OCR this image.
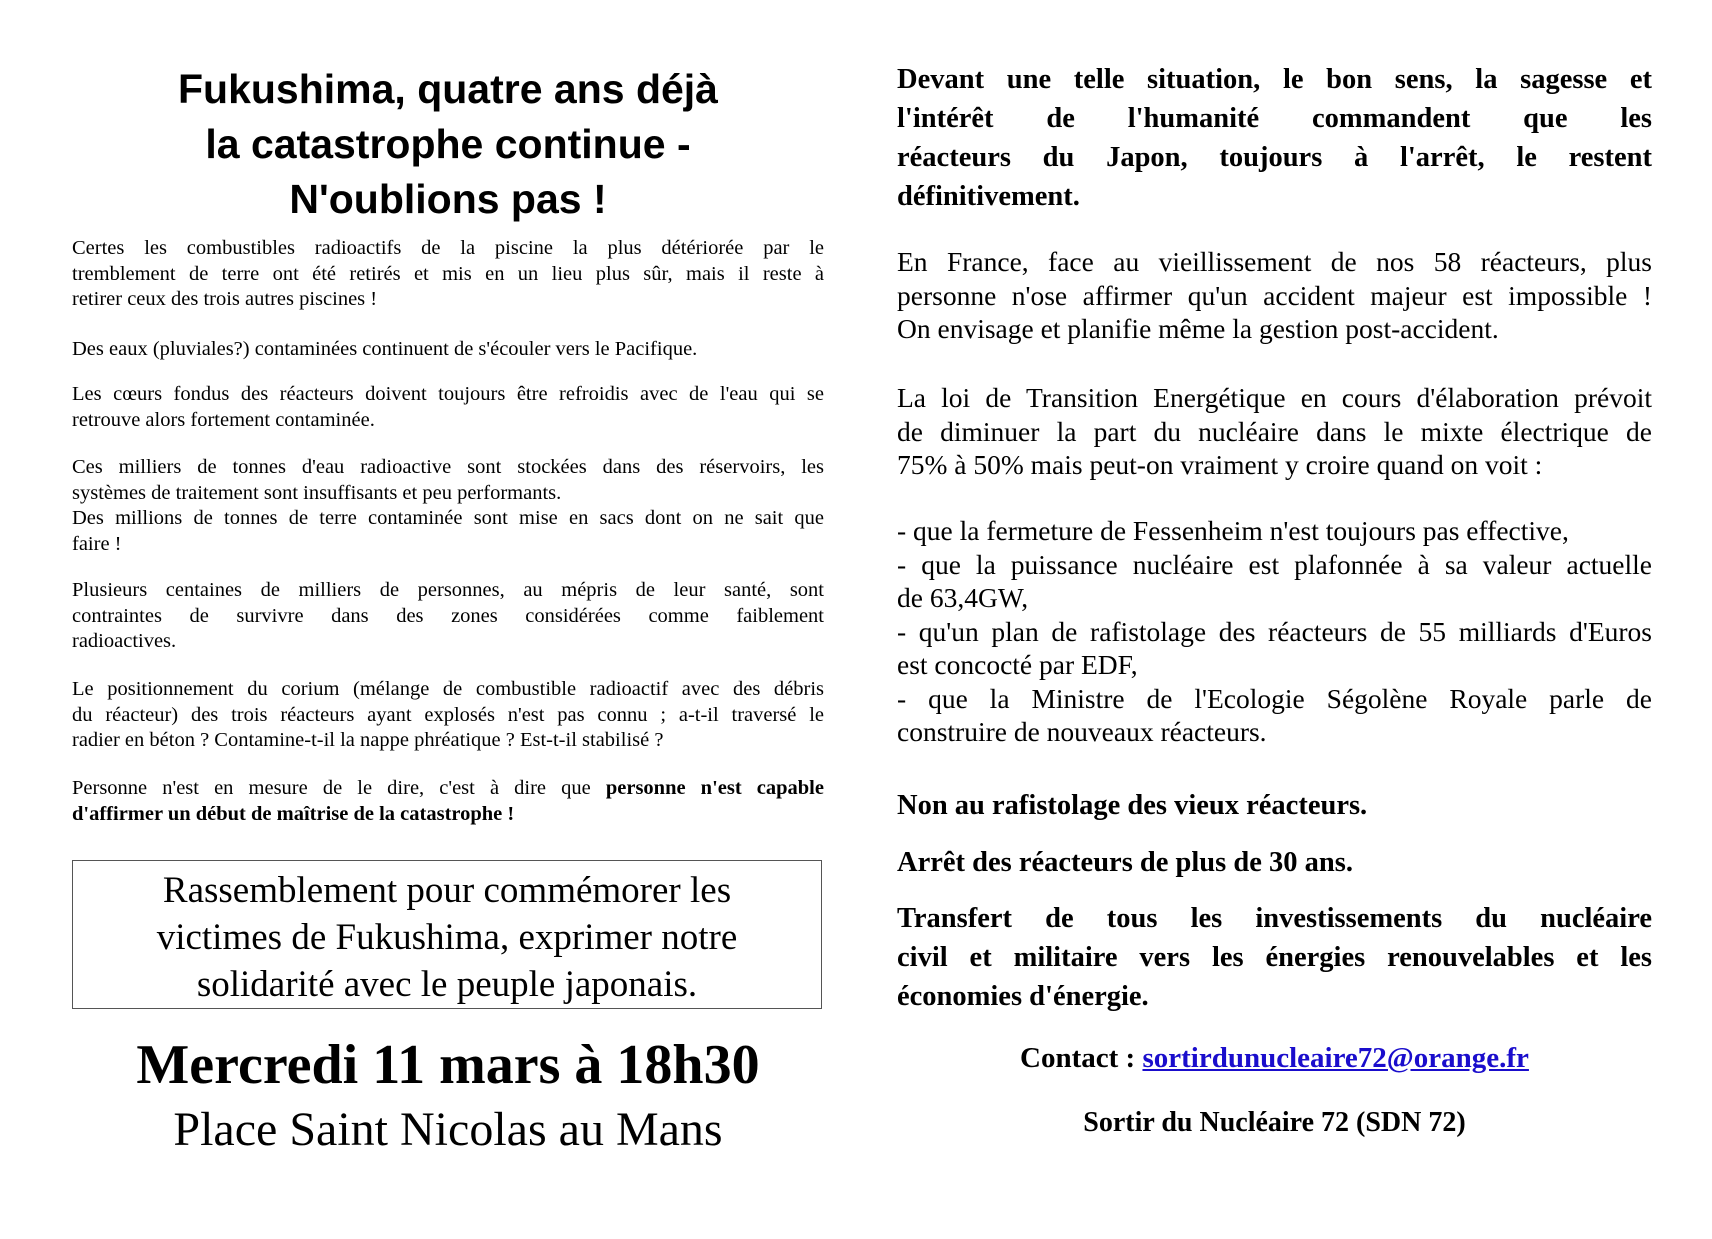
Fukushima, quatre ans déjà
la catastrophe continue -
N'oublions pas !

Certes les combustibles radioactifs de la piscine la plus détériorée par le
tremblement de terre ont été retirés et mis en un lieu plus sûr, mais il reste à
retirer ceux des trois autres piscines !

Des eaux (pluviales?) contaminées continuent de s'écouler vers le Pacifique.

Les cœurs fondus des réacteurs doivent toujours être refroidis avec de l'eau qui se
retrouve alors fortement contaminée.

Ces milliers de tonnes d'eau radioactive sont stockées dans des réservoirs, les
systèmes de traitement sont insuffisants et peu performants.
Des millions de tonnes de terre contaminée sont mise en sacs dont on ne sait que
faire !

Plusieurs centaines de milliers de personnes, au mépris de leur santé, sont
contraintes de survivre dans des zones considérées comme faiblement
radioactives.

Le positionnement du corium (mélange de combustible radioactif avec des débris
du réacteur) des trois réacteurs ayant explosés n'est pas connu ; a-t-il traversé le
radier en béton ? Contamine-t-il la nappe phréatique ? Est-t-il stabilisé ?

Personne n'est en mesure de le dire, c'est à dire que personne n'est capable
d'affirmer un début de maîtrise de la catastrophe !

Rassemblement pour commémorer les
victimes de Fukushima, exprimer notre
solidarité avec le peuple japonais.
Mercredi 11 mars à 18h30
Place Saint Nicolas au Mans

Devant une telle situation, le bon sens, la sagesse et
l'intérêt de l'humanité commandent que les
réacteurs du Japon, toujours à l'arrêt, le restent
définitivement.

En France, face au vieillissement de nos 58 réacteurs, plus
personne n'ose affirmer qu'un accident majeur est impossible !
On envisage et planifie même la gestion post-accident.

La loi de Transition Energétique en cours d'élaboration prévoit
de diminuer la part du nucléaire dans le mixte électrique de
75% à 50% mais peut-on vraiment y croire quand on voit :

- que la fermeture de Fessenheim n'est toujours pas effective,
- que la puissance nucléaire est plafonnée à sa valeur actuelle
de 63,4GW,
- qu'un plan de rafistolage des réacteurs de 55 milliards d'Euros
est concocté par EDF,
- que la Ministre de l'Ecologie Ségolène Royale parle de
construire de nouveaux réacteurs.

Non au rafistolage des vieux réacteurs.

Arrêt des réacteurs de plus de 30 ans.

Transfert de tous les investissements du nucléaire
civil et militaire vers les énergies renouvelables et les
économies d'énergie.

Contact : sortirdunucleaire72@orange.fr
Sortir du Nucléaire 72 (SDN 72)
